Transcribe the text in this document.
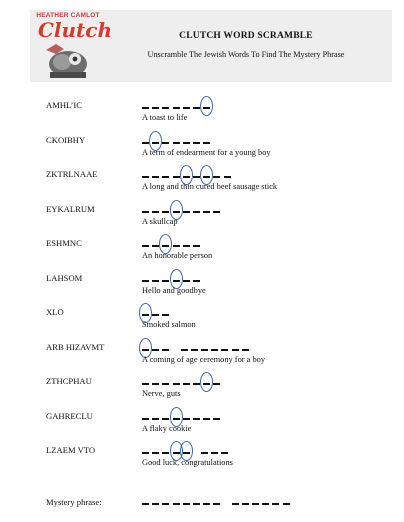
HEATHER CAMLOT
Clutch	CLUTCH WORD SCRAMBLE
Unscramble The Jewish Words To Find The Mystery Phrase
AMHL’IC
A toast to life
CKOIBHY
A term of endearment for a young boy
ZKTRLNAAE
A long and thin cured beef sausage stick
EYKALRUM
A skullcap
ESHMNC
An honorable person
LAHSOM
Hello and goodbye
XLO
Smoked salmon
ARB HIZAVMT
A coming of age ceremony for a boy
ZTHCPHAU
Nerve, guts
GAHRECLU
A flaky cookie
LZAEM VTO
Good luck, congratulations
Mystery phrase:
